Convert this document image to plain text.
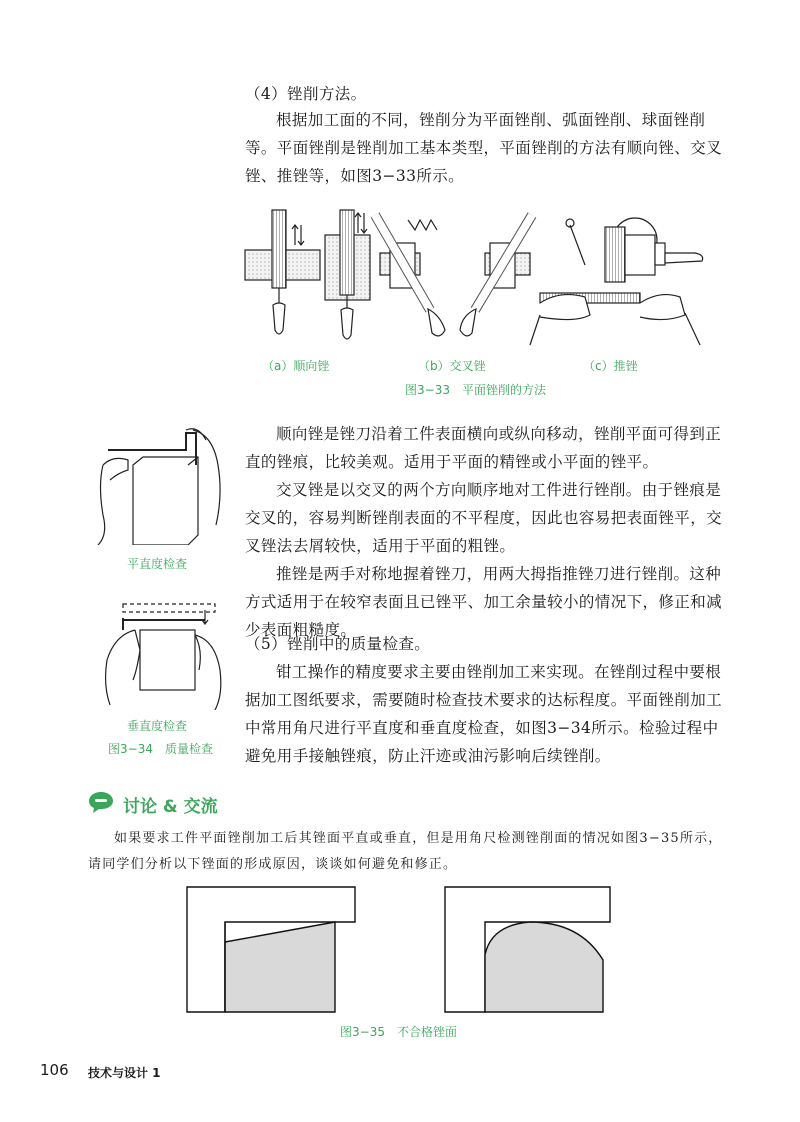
（4）锉削方法。
根据加工面的不同，锉削分为平面锉削、弧面锉削、球面锉削等。平面锉削是锉削加工基本类型，平面锉削的方法有顺向锉、交叉锉、推锉等，如图3−33所示。
（a）顺向锉	（b）交叉锉	（c）推锉
图3−33　平面锉削的方法
平直度检查
垂直度检查
图3−34　质量检查
顺向锉是锉刀沿着工件表面横向或纵向移动，锉削平面可得到正直的锉痕，比较美观。适用于平面的精锉或小平面的锉平。
交叉锉是以交叉的两个方向顺序地对工件进行锉削。由于锉痕是交叉的，容易判断锉削表面的不平程度，因此也容易把表面锉平，交叉锉法去屑较快，适用于平面的粗锉。
推锉是两手对称地握着锉刀，用两大拇指推锉刀进行锉削。这种方式适用于在较窄表面且已锉平、加工余量较小的情况下，修正和减少表面粗糙度。
（5）锉削中的质量检查。
钳工操作的精度要求主要由锉削加工来实现。在锉削过程中要根据加工图纸要求，需要随时检查技术要求的达标程度。平面锉削加工中常用角尺进行平直度和垂直度检查，如图3−34所示。检验过程中避免用手接触锉痕，防止汗迹或油污影响后续锉削。
讨论 & 交流
如果要求工件平面锉削加工后其锉面平直或垂直，但是用角尺检测锉削面的情况如图3−35所示，请同学们分析以下锉面的形成原因，谈谈如何避免和修正。
图3−35　不合格锉面
106 技术与设计 1
